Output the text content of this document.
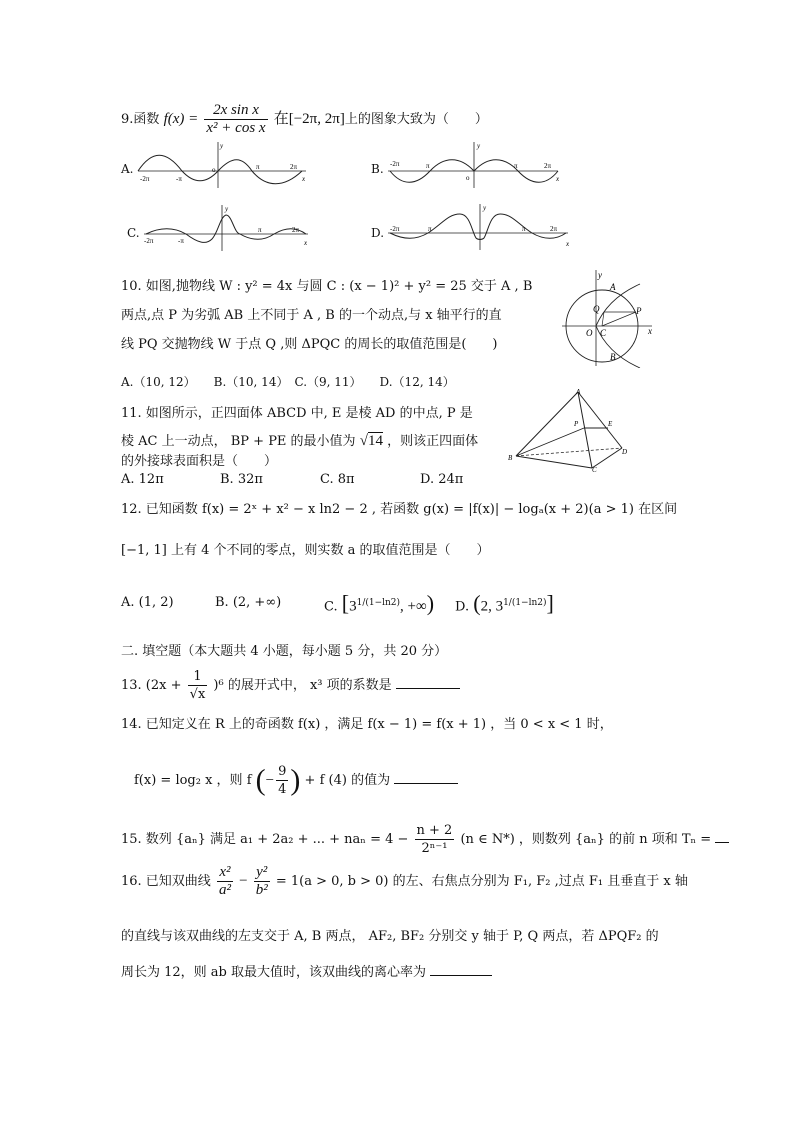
9.函数 $f(x) = \frac{\text{2x sin x}}{\text{x² + cos x}}$ 在[−2π, 2π]上的图象大致为（　　）
A.
-2π	-π
o	π	2π
y
x
B. -2π	π
o
π	2π
y
x
C.
-2π	-π
π	2π
y
x
D. -2π	π	π	2π
y
x
10. 如图,抛物线 W : y² = 4x 与圆 C : (x − 1)² + y² = 25 交于 A , B
两点,点 P 为劣弧 AB 上不同于 A , B 的一个动点,与 x 轴平行的直
线 PQ 交抛物线 W 于点 Q ,则 ΔPQC 的周长的取值范围是(　　)
A.（10, 12）　　B.（10, 14）　C.（9, 11）　　D.（12, 14）
y
x
O C
Q	P
A
B
11. 如图所示，正四面体 ABCD 中, E 是棱 AD 的中点, P 是
棱 AC 上一动点， BP + PE 的最小值为 √14 ，则该正四面体
的外接球表面积是（　　）
A. 12π	B. 32π	C. 8π	D. 24π
A
B
C
D
E
P
12. 已知函数 f(x) = 2ˣ + x² − x ln2 − 2 , 若函数 g(x) = |f(x)| − logₐ(x + 2)(a > 1) 在区间
[−1, 1] 上有 4 个不同的零点，则实数 a 的取值范围是（　　）
A. (1, 2)	B. (2, +∞)	C. [$3^{1/(1-ln2)}$, +∞) D. (2, $3^{1/(1-ln2)}$]
二. 填空题（本大题共 4 小题，每小题 5 分，共 20 分）
13. $(2x + \frac{1}{√x} )^6$ 的展开式中， x³ 项的系数是
14. 已知定义在 R 上的奇函数 f(x) ，满足 f(x − 1) = f(x + 1) ，当 0 < x < 1 时，
f(x) = log₂ x ，则 f (− $\frac{9}{4}$ ) + f (4) 的值为
15. 数列 {aₙ} 满足 a₁ + 2a₂ + ... + $na_n = 4 - \frac{n + 2}{\text{2ⁿ⁻¹}} (n$ ∈ N*) ，则数列 {aₙ} 的前 n 项和 Tₙ =
16. 已知双曲线 $\frac{\text{x²}}{\text{a²}} - \frac{\text{y²}}{\text{b²}} = 1(a > 0$, b > 0) 的左、右焦点分别为 F₁, F₂ ,过点 F₁ 且垂直于 x 轴
的直线与该双曲线的左支交于 A, B 两点， AF₂, BF₂ 分别交 y 轴于 P, Q 两点，若 ΔPQF₂ 的
周长为 12，则 ab 取最大值时，该双曲线的离心率为
